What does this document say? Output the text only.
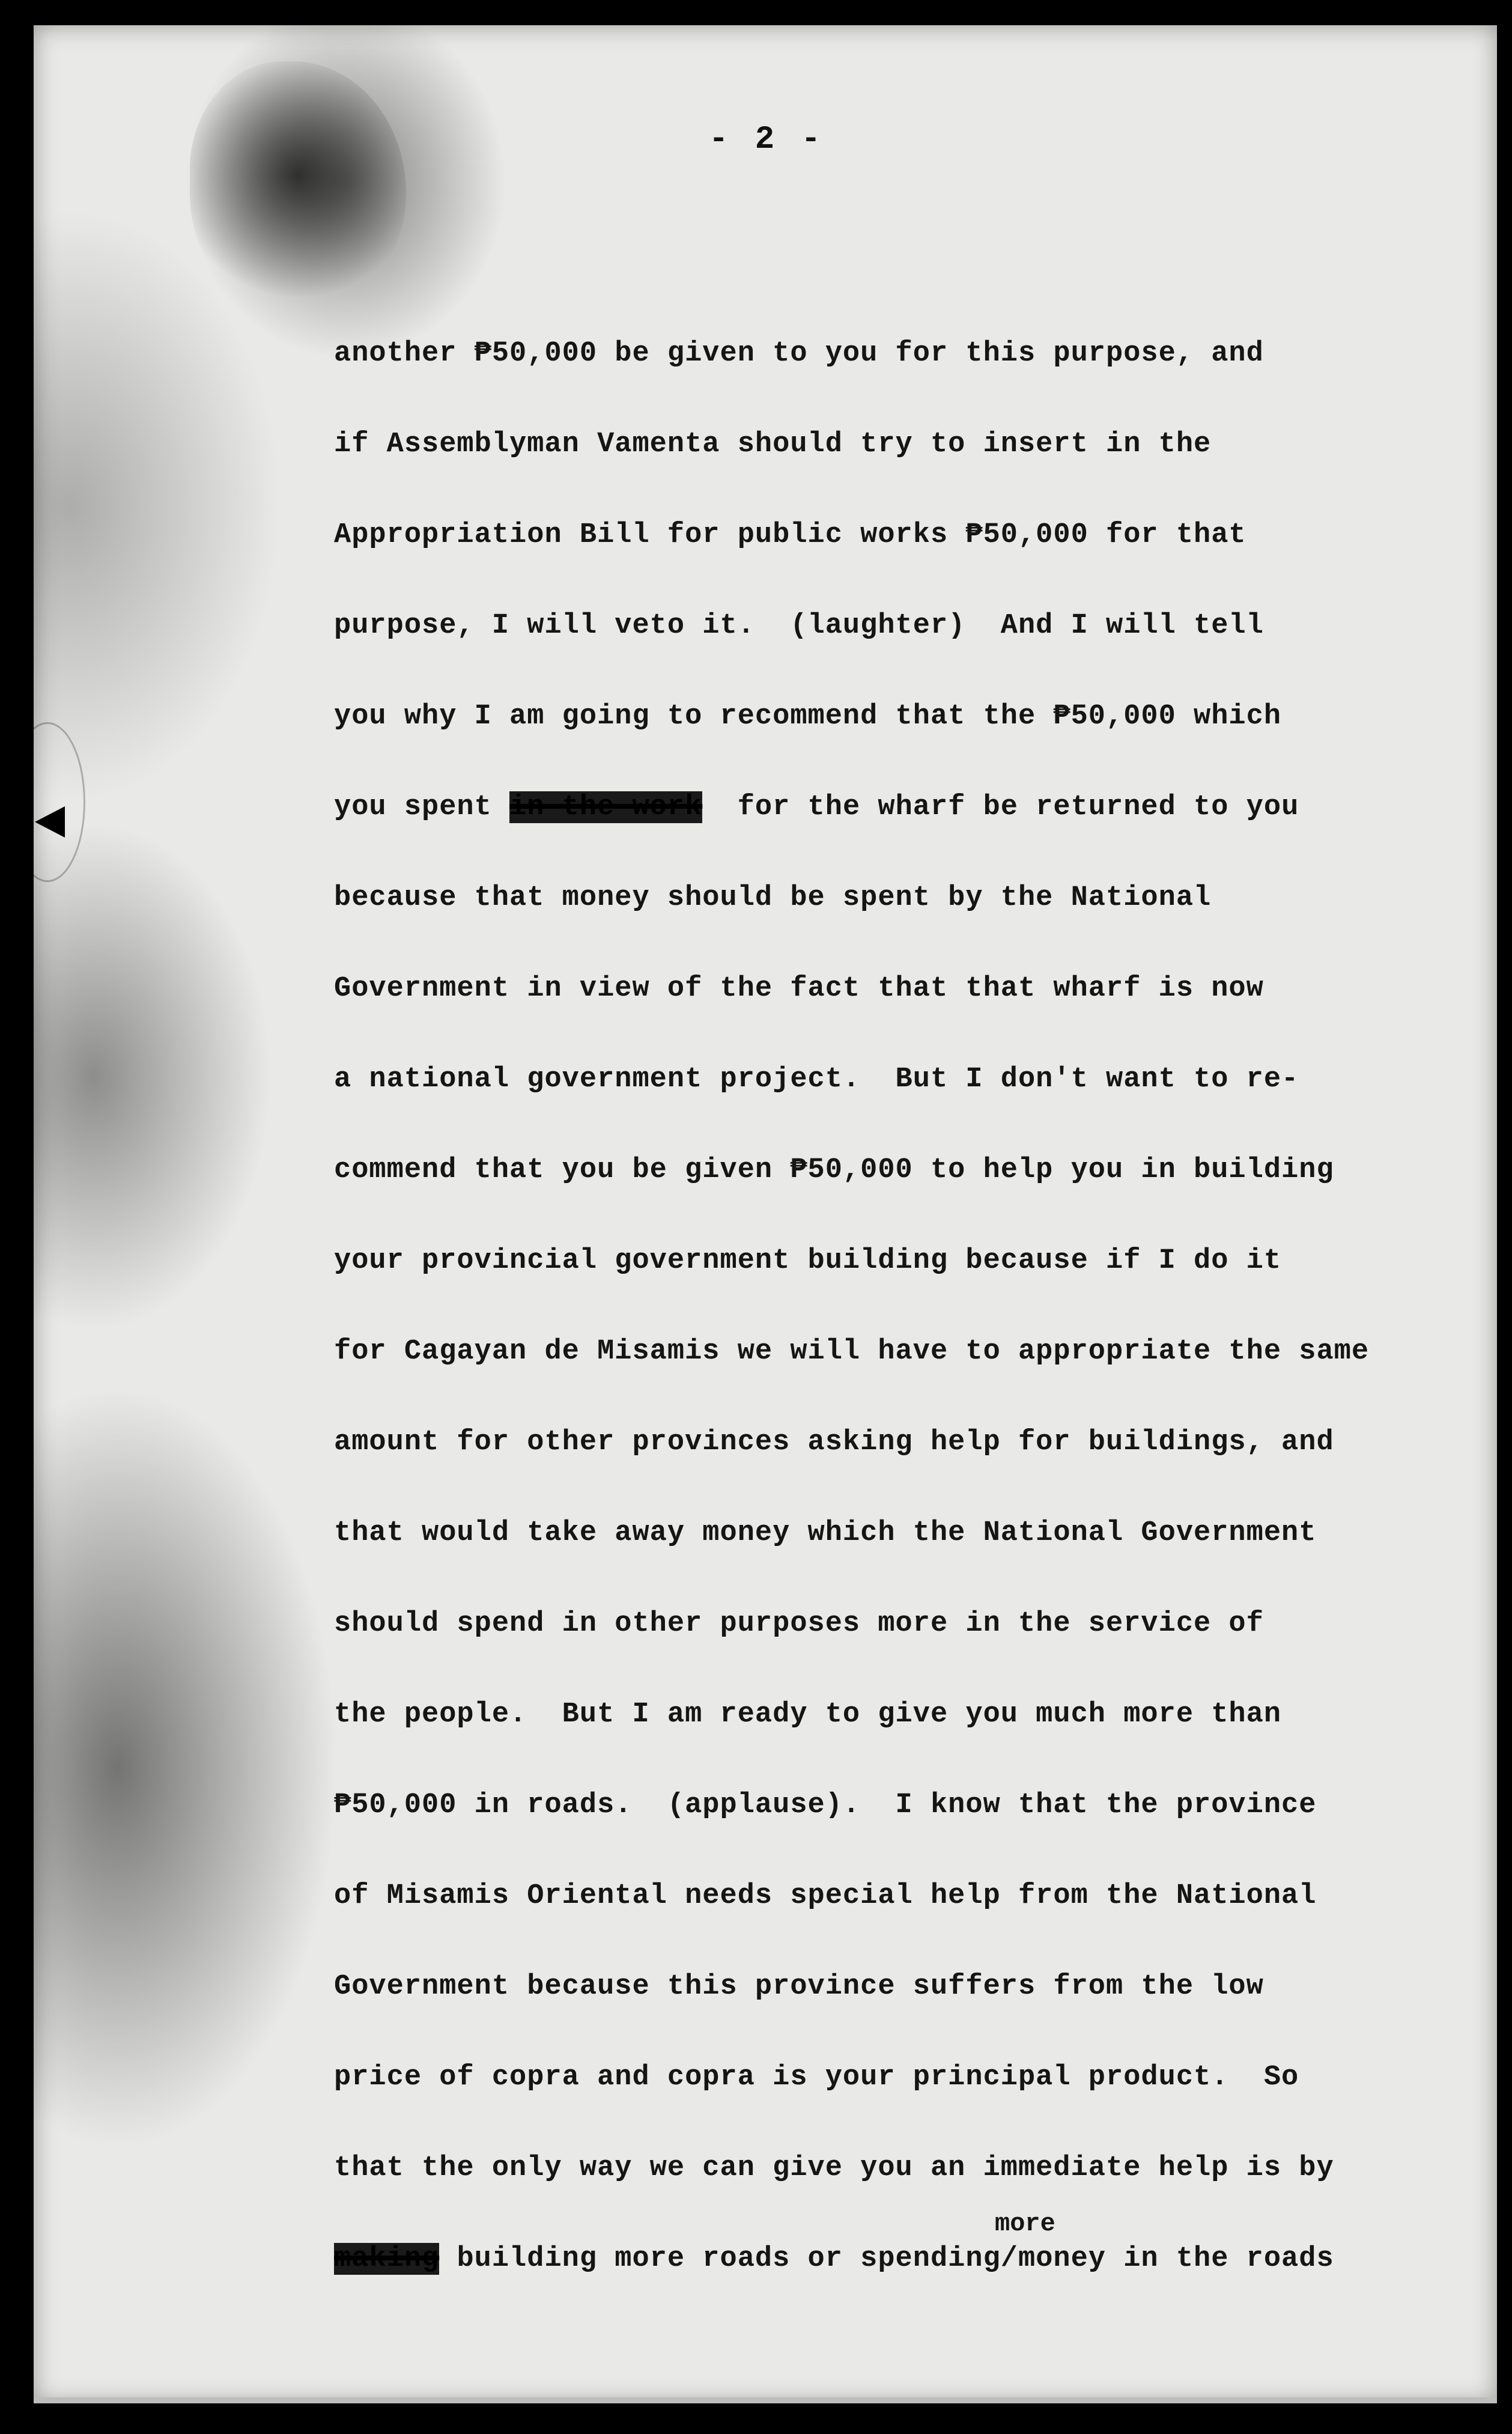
- 2 -
another ₱50,000 be given to you for this purpose, and
if Assemblyman Vamenta should try to insert in the
Appropriation Bill for public works ₱50,000 for that
purpose, I will veto it.  (laughter)  And I will tell
you why I am going to recommend that the ₱50,000 which
you spent in the work  for the wharf be returned to you
because that money should be spent by the National
Government in view of the fact that that wharf is now
a national government project.  But I don't want to re-
commend that you be given ₱50,000 to help you in building
your provincial government building because if I do it
for Cagayan de Misamis we will have to appropriate the same
amount for other provinces asking help for buildings, and
that would take away money which the National Government
should spend in other purposes more in the service of
the people.  But I am ready to give you much more than
₱50,000 in roads.  (applause).  I know that the province
of Misamis Oriental needs special help from the National
Government because this province suffers from the low
price of copra and copra is your principal product.  So
that the only way we can give you an immediate help is by
making building more roads or spending/money in the roads
more
